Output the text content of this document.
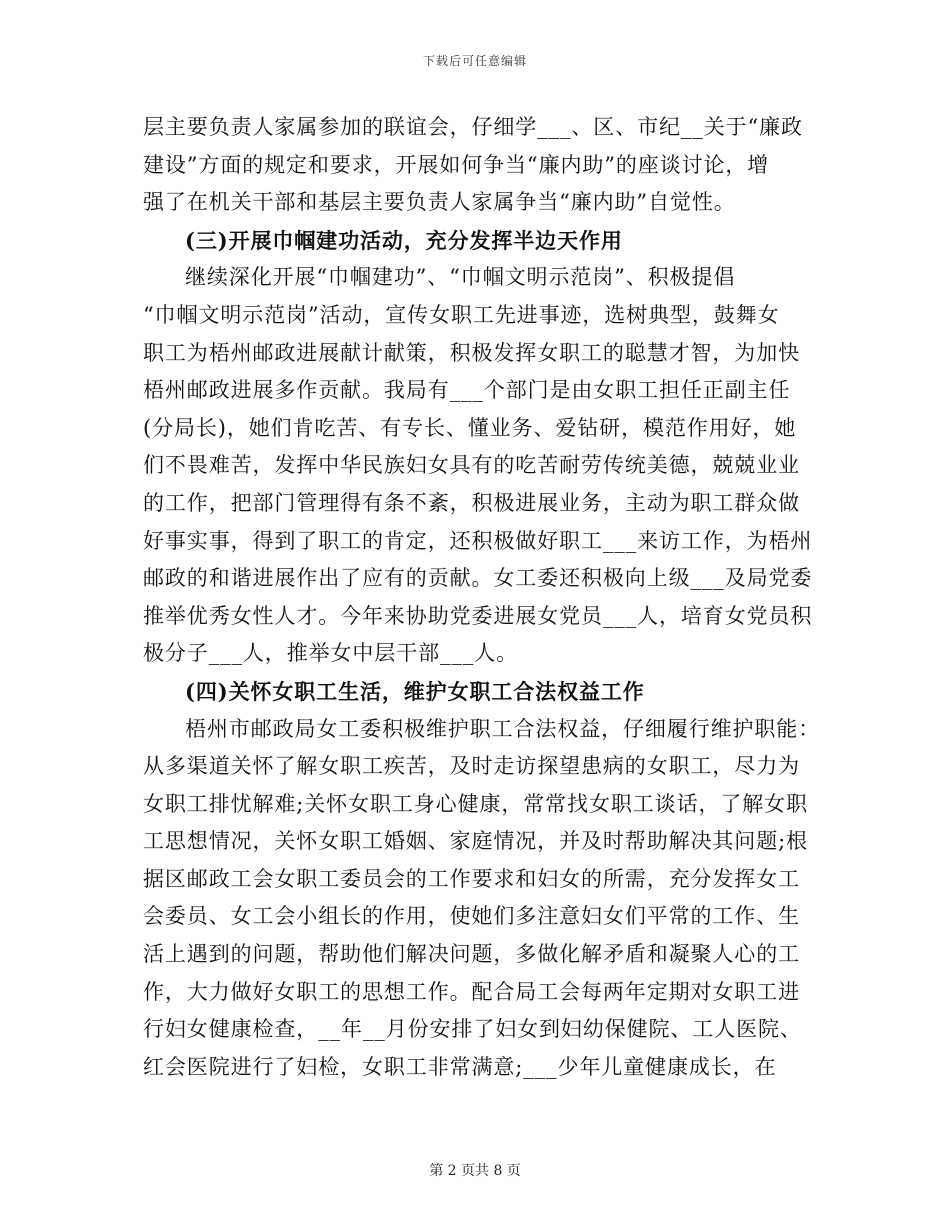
下载后可任意编辑
层主要负责人家属参加的联谊会，仔细学___、区、市纪__关于“廉政
建设”方面的规定和要求，开展如何争当“廉内助”的座谈讨论，增
强了在机关干部和基层主要负责人家属争当“廉内助”自觉性。
(三)开展巾帼建功活动，充分发挥半边天作用
继续深化开展“巾帼建功”、“巾帼文明示范岗”、积极提倡
“巾帼文明示范岗”活动，宣传女职工先进事迹，选树典型，鼓舞女
职工为梧州邮政进展献计献策，积极发挥女职工的聪慧才智，为加快
梧州邮政进展多作贡献。我局有___个部门是由女职工担任正副主任
(分局长)，她们肯吃苦、有专长、懂业务、爱钻研，模范作用好，她
们不畏难苦，发挥中华民族妇女具有的吃苦耐劳传统美德，兢兢业业
的工作，把部门管理得有条不紊，积极进展业务，主动为职工群众做
好事实事，得到了职工的肯定，还积极做好职工___来访工作，为梧州
邮政的和谐进展作出了应有的贡献。女工委还积极向上级___及局党委
推举优秀女性人才。今年来协助党委进展女党员___人，培育女党员积
极分子___人，推举女中层干部___人。
(四)关怀女职工生活，维护女职工合法权益工作
梧州市邮政局女工委积极维护职工合法权益，仔细履行维护职能：
从多渠道关怀了解女职工疾苦，及时走访探望患病的女职工，尽力为
女职工排忧解难;关怀女职工身心健康，常常找女职工谈话，了解女职
工思想情况，关怀女职工婚姻、家庭情况，并及时帮助解决其问题;根
据区邮政工会女职工委员会的工作要求和妇女的所需，充分发挥女工
会委员、女工会小组长的作用，使她们多注意妇女们平常的工作、生
活上遇到的问题，帮助他们解决问题，多做化解矛盾和凝聚人心的工
作，大力做好女职工的思想工作。配合局工会每两年定期对女职工进
行妇女健康检查，__年__月份安排了妇女到妇幼保健院、工人医院、
红会医院进行了妇检，女职工非常满意;___少年儿童健康成长，在
第 2 页共 8 页
